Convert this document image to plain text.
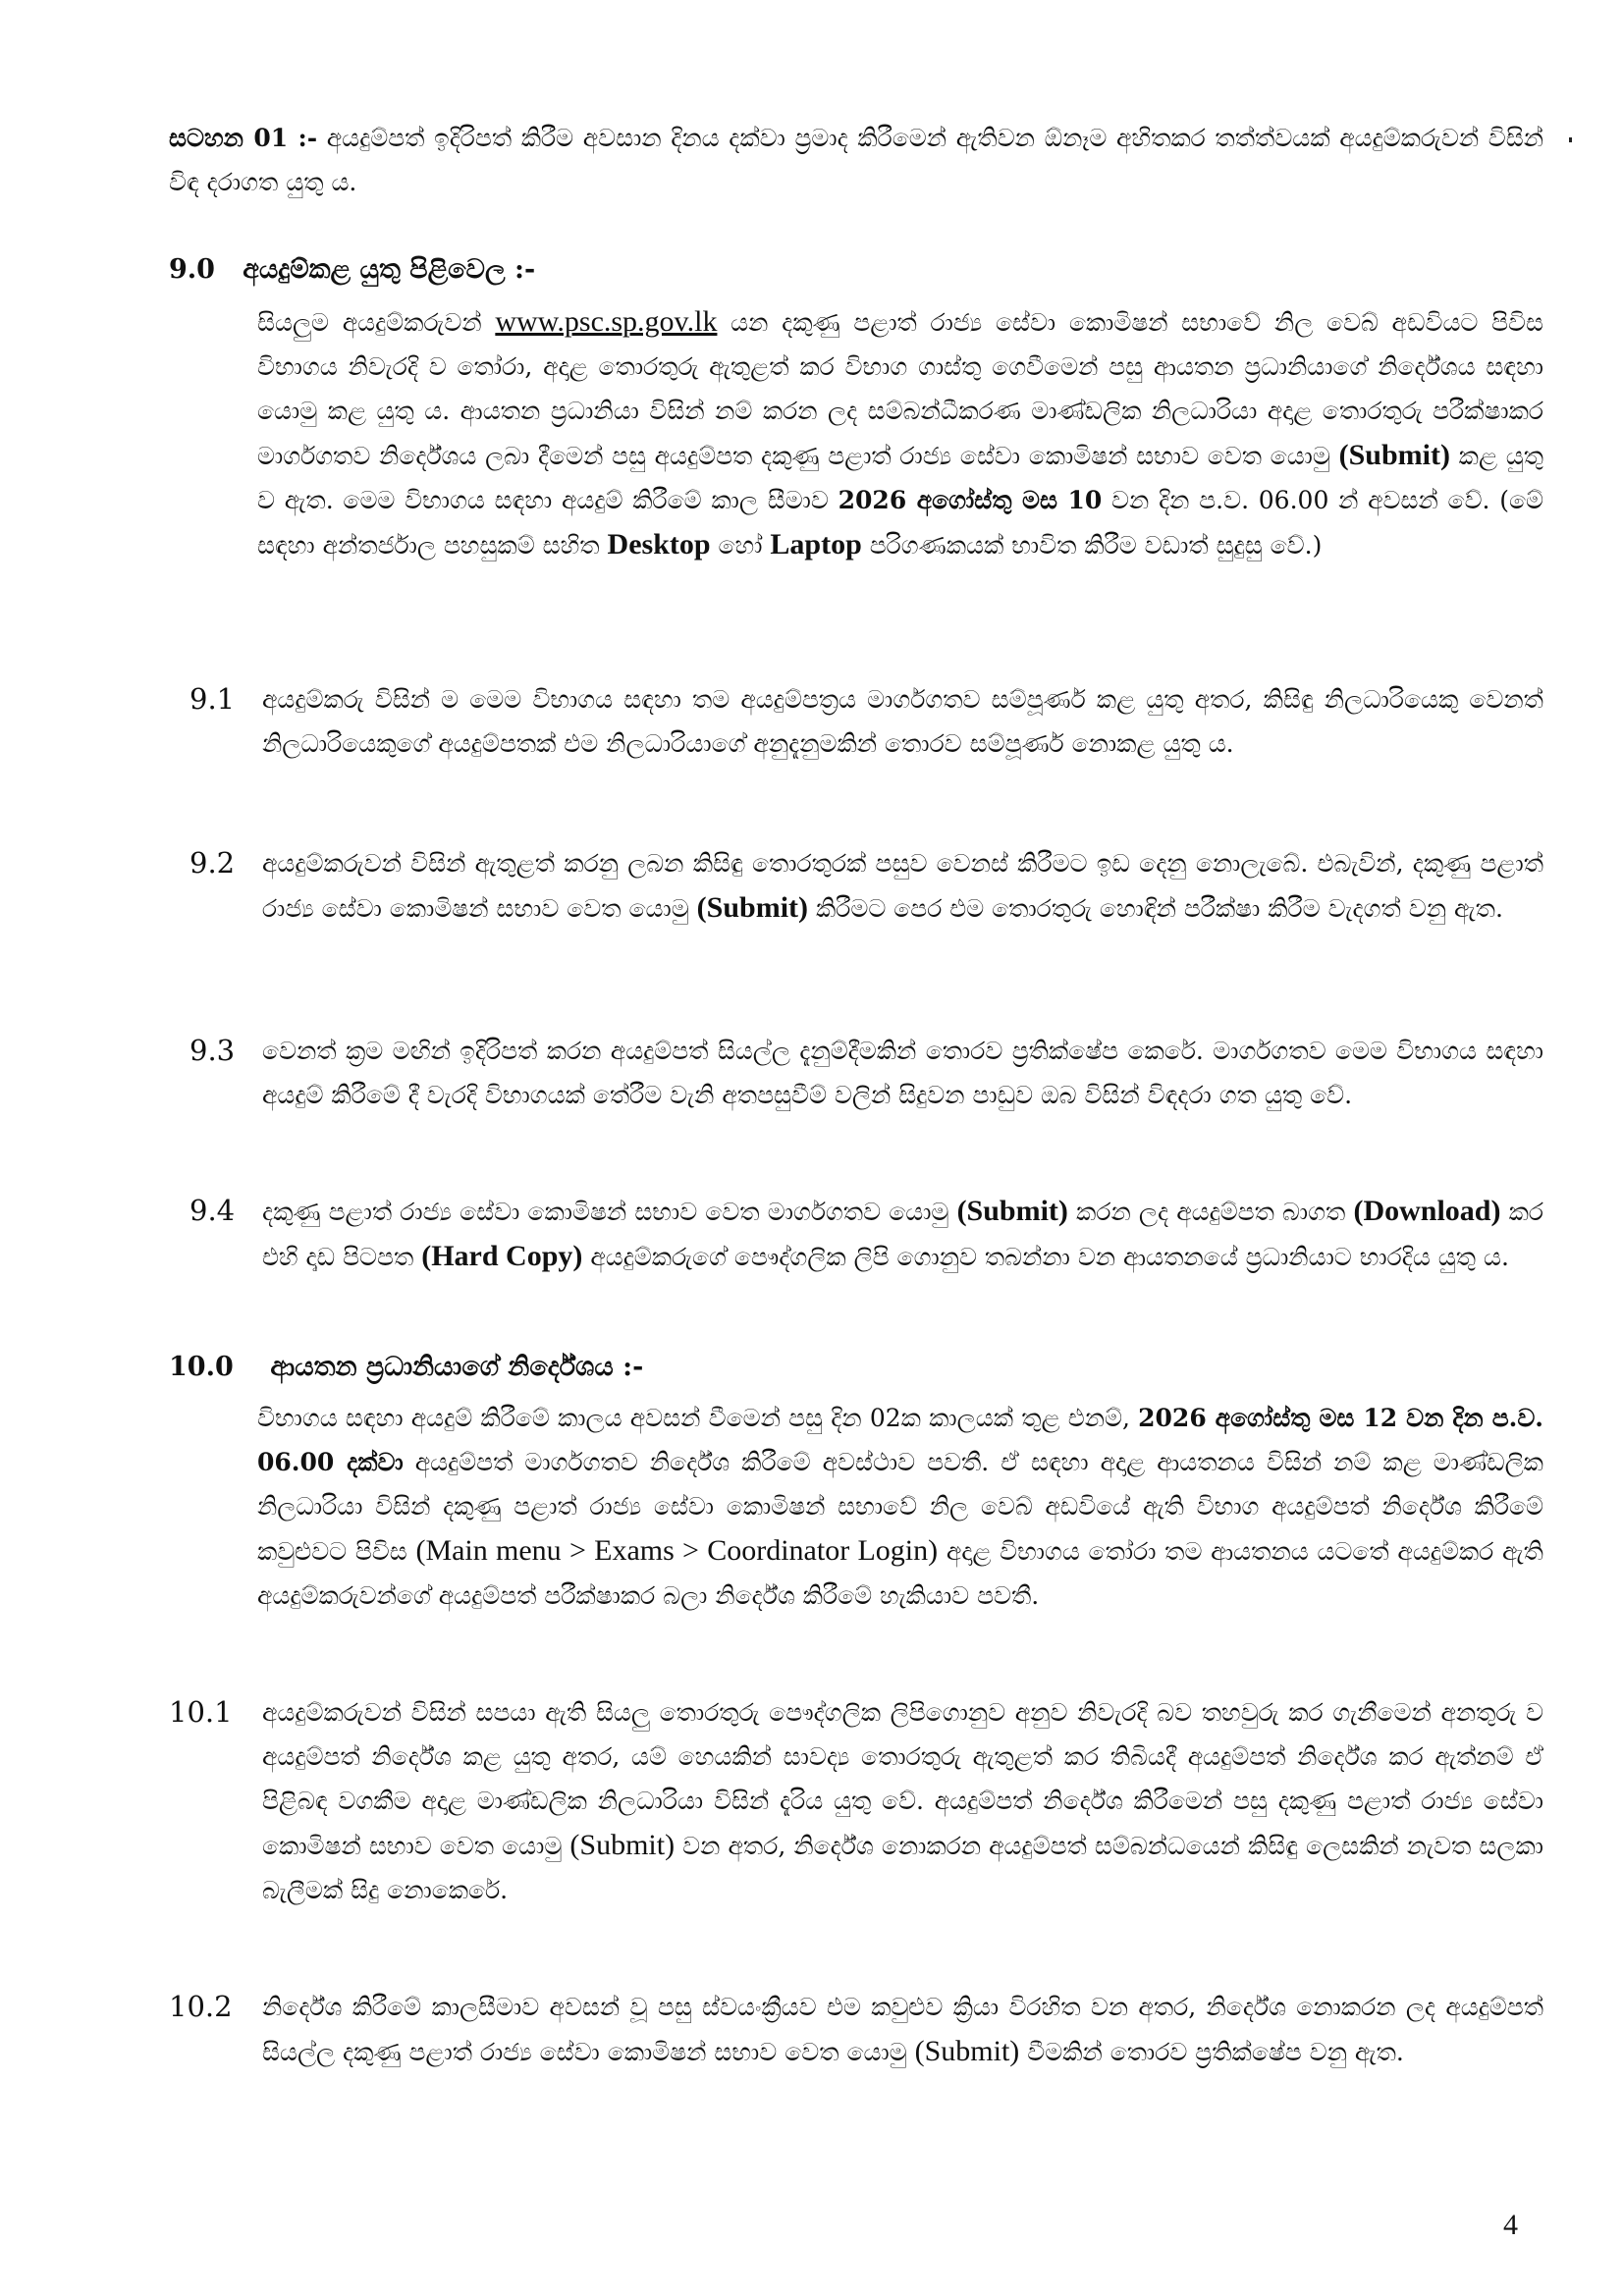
සටහන 01 :- අයදුම්පත් ඉදිරිපත් කිරීම අවසාන දිනය දක්වා ප්‍රමාද කිරීමෙන් ඇතිවන ඕනෑම අහිතකර තත්ත්වයක් අයදුම්කරුවන් විසින් විඳ දරාගත යුතු ය.
9.0 අයදුම්කළ යුතු පිළිවෙල :-
සියලුම අයදුම්කරුවන් www.psc.sp.gov.lk යන දකුණු පළාත් රාජ්‍ය සේවා කොමිෂන් සභාවේ නිල වෙබ් අඩවියට පිවිස විභාගය නිවැරදි ව තෝරා, අදාළ තොරතුරු ඇතුළත් කර විභාග ගාස්තු ගෙවීමෙන් පසු ආයතන ප්‍රධානියාගේ නිර්දේශය සඳහා යොමු කළ යුතු ය. ආයතන ප්‍රධානියා විසින් නම් කරන ලද සම්බන්ධීකරණ මාණ්ඩලික නිලධාරියා අදාළ තොරතුරු පරීක්ෂාකර මාර්ගගතව නිර්දේශය ලබා දීමෙන් පසු අයදුම්පත දකුණු පළාත් රාජ්‍ය සේවා කොමිෂන් සභාව වෙත යොමු (Submit) කළ යුතු ව ඇත. මෙම විභාගය සඳහා අයදුම් කිරීමේ කාල සීමාව 2026 අගෝස්තු මස 10 වන දින ප.ව. 06.00 න් අවසන් වේ. (මේ සඳහා අන්තර්ජාල පහසුකම් සහිත Desktop හෝ Laptop පරිගණකයක් භාවිත කිරීම වඩාත් සුදුසු වේ.)
9.1 අයදුම්කරු විසින් ම මෙම විභාගය සඳහා තම අයදුම්පත්‍රය මාර්ගගතව සම්පූර්ණ කළ යුතු අතර, කිසිඳු නිලධාරියෙකු වෙනත් නිලධාරියෙකුගේ අයදුම්පතක් එම නිලධාරියාගේ අනුදැනුමකින් තොරව සම්පූර්ණ නොකළ යුතු ය.
9.2 අයදුම්කරුවන් විසින් ඇතුළත් කරනු ලබන කිසිඳු තොරතුරක් පසුව වෙනස් කිරීමට ඉඩ දෙනු නොලැබේ. එබැවින්, දකුණු පළාත් රාජ්‍ය සේවා කොමිෂන් සභාව වෙත යොමු (Submit) කිරීමට පෙර එම තොරතුරු හොඳින් පරීක්ෂා කිරීම වැදගත් වනු ඇත.
9.3 වෙනත් ක්‍රම මඟින් ඉදිරිපත් කරන අයදුම්පත් සියල්ල දැනුම්දීමකින් තොරව ප්‍රතික්ෂේප කෙරේ. මාර්ගගතව මෙම විභාගය සඳහා අයදුම් කිරීමේ දී වැරදි විභාගයක් තේරීම වැනි අතපසුවීම් වලින් සිදුවන පාඩුව ඔබ විසින් විඳදරා ගත යුතු වේ.
9.4 දකුණු පළාත් රාජ්‍ය සේවා කොමිෂන් සභාව වෙත මාර්ගගතව යොමු (Submit) කරන ලද අයදුම්පත බාගත (Download) කර එහි දෘඩ පිටපත (Hard Copy) අයදුම්කරුගේ පෞද්ගලික ලිපි ගොනුව තබන්නා වන ආයතනයේ ප්‍රධානියාට භාරදිය යුතු ය.
10.0 ආයතන ප්‍රධානියාගේ නිර්දේශය :-
විභාගය සඳහා අයදුම් කිරීමේ කාලය අවසන් වීමෙන් පසු දින 02ක කාලයක් තුළ එනම්, 2026 අගෝස්තු මස 12 වන දින ප.ව. 06.00 දක්වා අයදුම්පත් මාර්ගගතව නිර්දේශ කිරීමේ අවස්ථාව පවතී. ඒ සඳහා අදාළ ආයතනය විසින් නම් කළ මාණ්ඩලික නිලධාරියා විසින් දකුණු පළාත් රාජ්‍ය සේවා කොමිෂන් සභාවේ නිල වෙබ් අඩවියේ ඇති විභාග අයදුම්පත් නිර්දේශ කිරීමේ කවුළුවට පිවිස (Main menu > Exams > Coordinator Login) අදාළ විභාගය තෝරා තම ආයතනය යටතේ අයදුම්කර ඇති අයදුම්කරුවන්ගේ අයදුම්පත් පරීක්ෂාකර බලා නිර්දේශ කිරීමේ හැකියාව පවතී.
10.1 අයදුම්කරුවන් විසින් සපයා ඇති සියලු තොරතුරු පෞද්ගලික ලිපිගොනුව අනුව නිවැරදි බව තහවුරු කර ගැනීමෙන් අනතුරු ව අයදුම්පත් නිර්දේශ කළ යුතු අතර, යම් හෙයකින් සාවද්‍ය තොරතුරු ඇතුළත් කර තිබියදී අයදුම්පත් නිර්දේශ කර ඇත්නම් ඒ පිළිබඳ වගකීම අදාළ මාණ්ඩලික නිලධාරියා විසින් දැරිය යුතු වේ. අයදුම්පත් නිර්දේශ කිරීමෙන් පසු දකුණු පළාත් රාජ්‍ය සේවා කොමිෂන් සභාව වෙත යොමු (Submit) වන අතර, නිර්දේශ නොකරන අයදුම්පත් සම්බන්ධයෙන් කිසිඳු ලෙසකින් නැවත සලකා බැලීමක් සිදු නොකෙරේ.
10.2 නිර්දේශ කිරීමේ කාලසීමාව අවසන් වූ පසු ස්වයංක්‍රීයව එම කවුළුව ක්‍රියා විරහිත වන අතර, නිර්දේශ නොකරන ලද අයදුම්පත් සියල්ල දකුණු පළාත් රාජ්‍ය සේවා කොමිෂන් සභාව වෙත යොමු (Submit) වීමකින් තොරව ප්‍රතික්ෂේප වනු ඇත.
4
